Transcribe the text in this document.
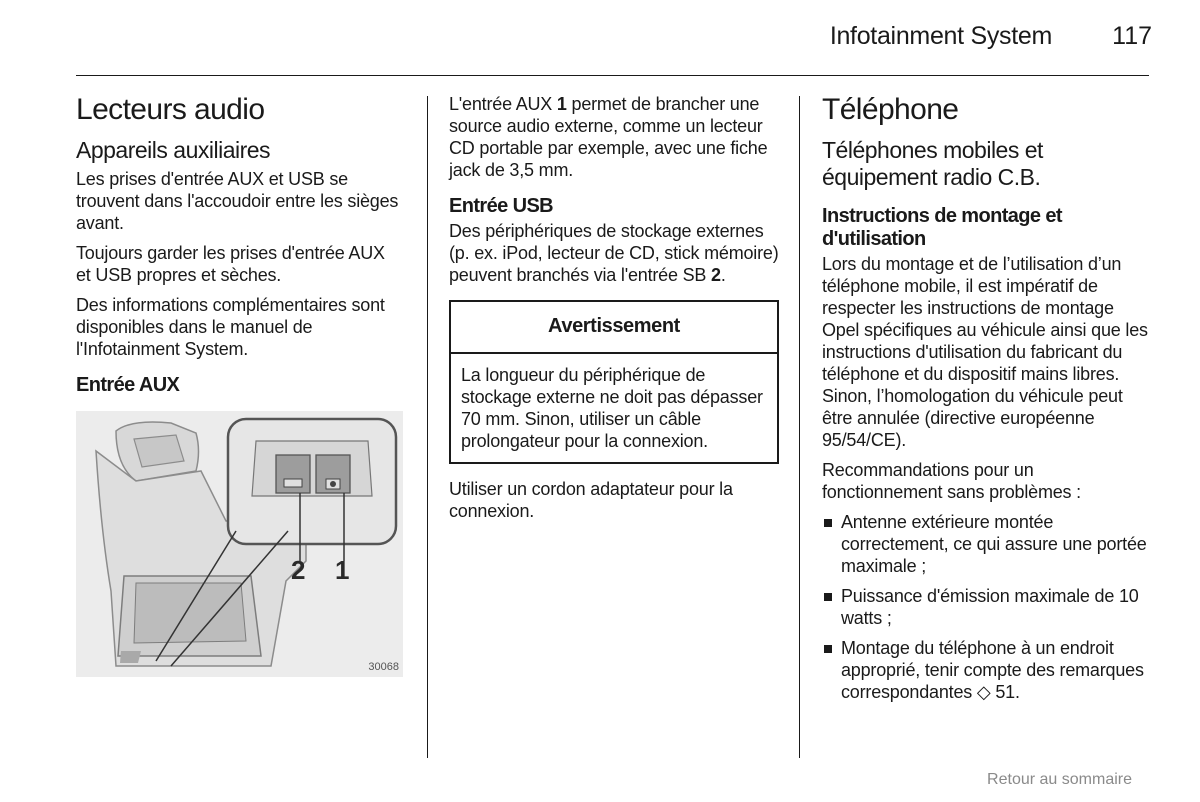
Infotainment System 117
Lecteurs audio
Appareils auxiliaires

Les prises d'entrée AUX et USB se trouvent dans l'accoudoir entre les sièges avant.

Toujours garder les prises d'entrée AUX et USB propres et sèches.

Des informations complémentaires sont disponibles dans le manuel de l'Infotainment System.

Entrée AUX
2 1
30068

L'entrée AUX 1 permet de brancher une source audio externe, comme un lecteur CD portable par exemple, avec une fiche jack de 3,5 mm.

Entrée USB

Des périphériques de stockage externes (p. ex. iPod, lecteur de CD, stick mémoire) peuvent branchés via l'entrée SB 2.

Avertissement
La longueur du périphérique de stockage externe ne doit pas dépasser 70 mm. Sinon, utiliser un câble prolongateur pour la connexion.

Utiliser un cordon adaptateur pour la connexion.

Téléphone
Téléphones mobiles et équipement radio C.B.
Instructions de montage et d'utilisation

Lors du montage et de l’utilisation d’un téléphone mobile, il est impératif de respecter les instructions de montage Opel spécifiques au véhicule ainsi que les instructions d'utilisation du fabricant du téléphone et du dispositif mains libres. Sinon, l’homologation du véhicule peut être annulée (directive européenne 95/54/CE).

Recommandations pour un fonctionnement sans problèmes :

Antenne extérieure montée correctement, ce qui assure une portée maximale ;
Puissance d'émission maximale de 10 watts ;
Montage du téléphone à un endroit approprié, tenir compte des remarques correspondantes ◇ 51.
Retour au sommaire
